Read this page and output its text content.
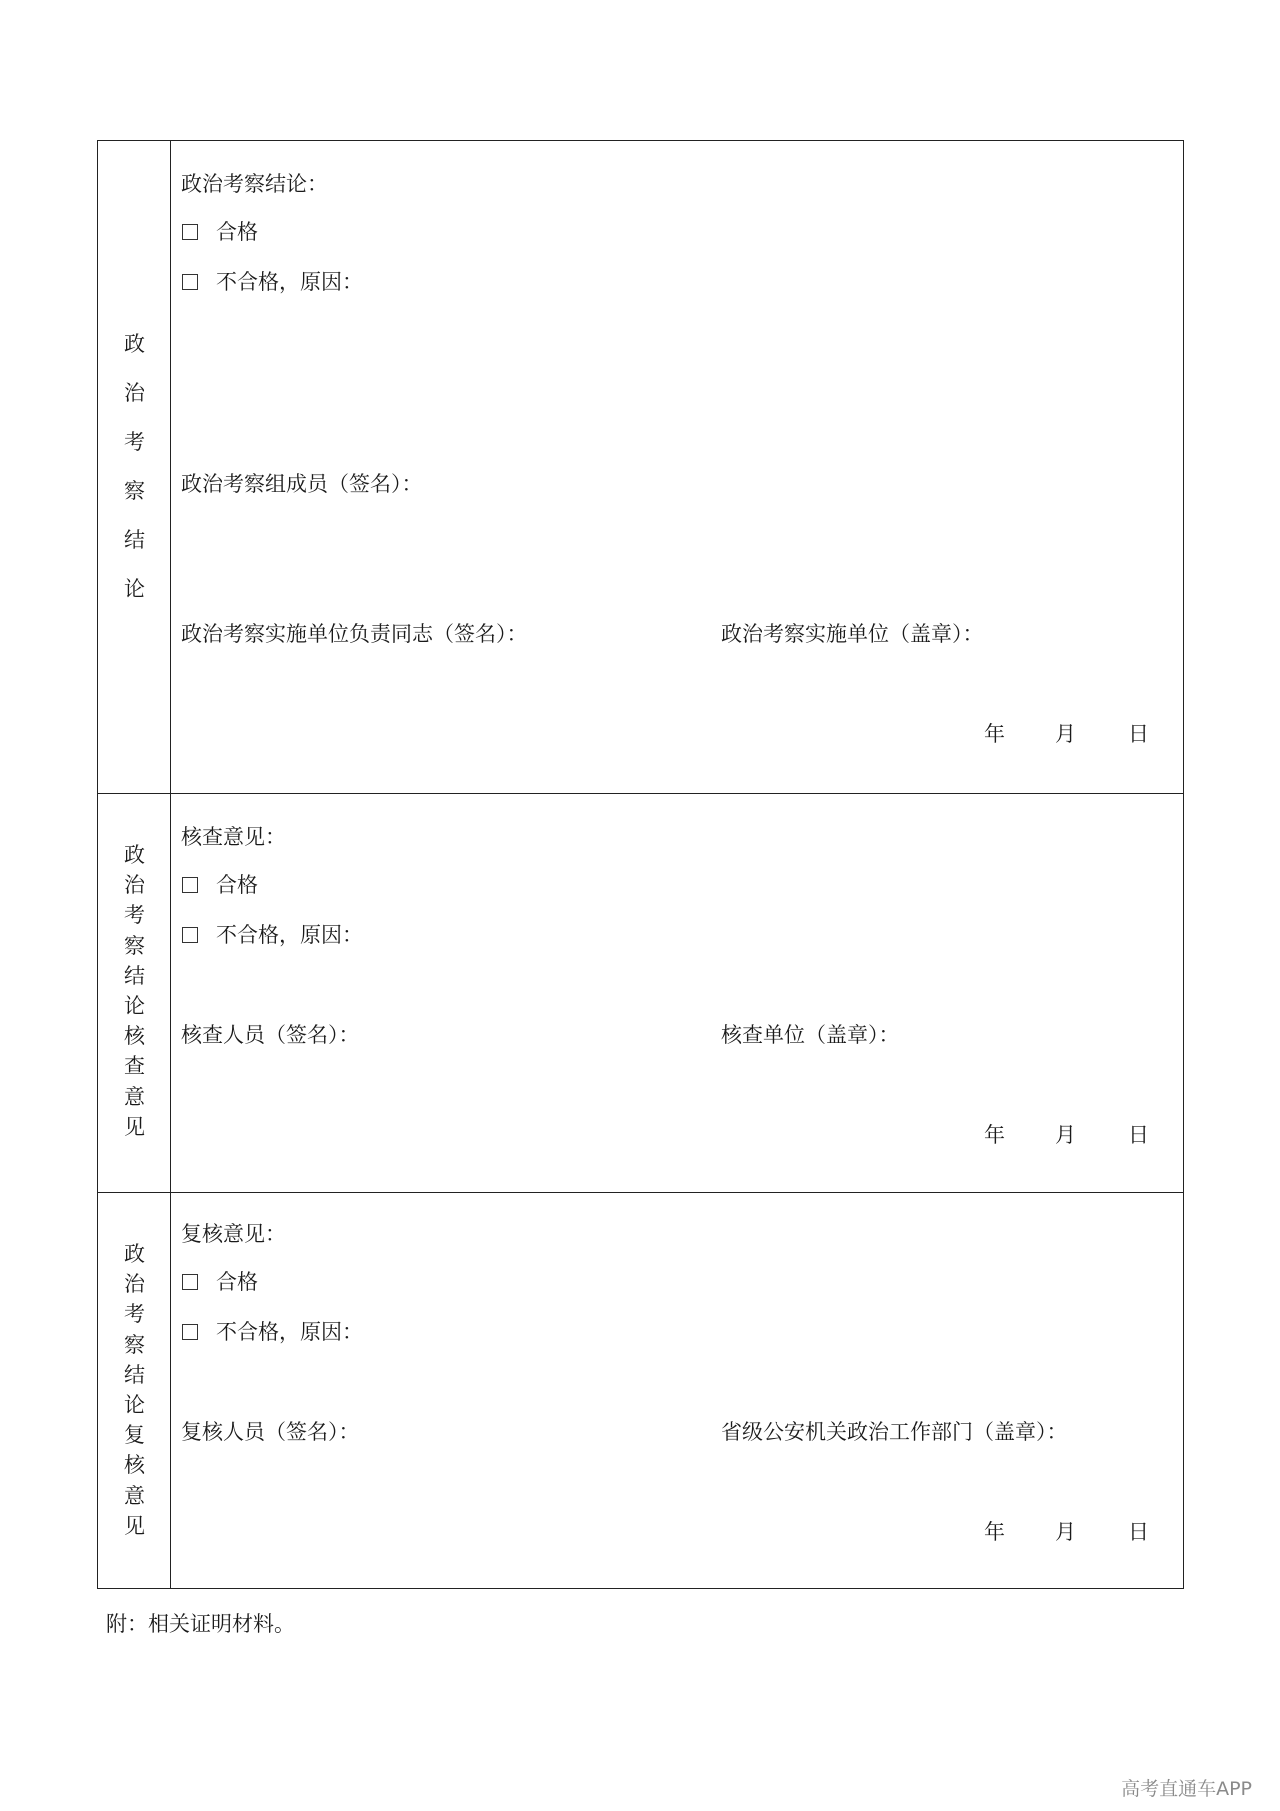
政
治
考
察
结
论
政治考察结论：
合格
不合格，原因：
政治考察组成员（签名）：
政治考察实施单位负责同志（签名）：	政治考察实施单位（盖章）：
年 月 日
政
治
考
察
结
论
核
查
意
见
核查意见：
合格
不合格，原因：
核查人员（签名）：	核查单位（盖章）：
年 月 日
政
治
考
察
结
论
复
核
意
见
复核意见：
合格
不合格，原因：
复核人员（签名）：	省级公安机关政治工作部门（盖章）：
年 月 日
附：相关证明材料。
高考直通车APP
